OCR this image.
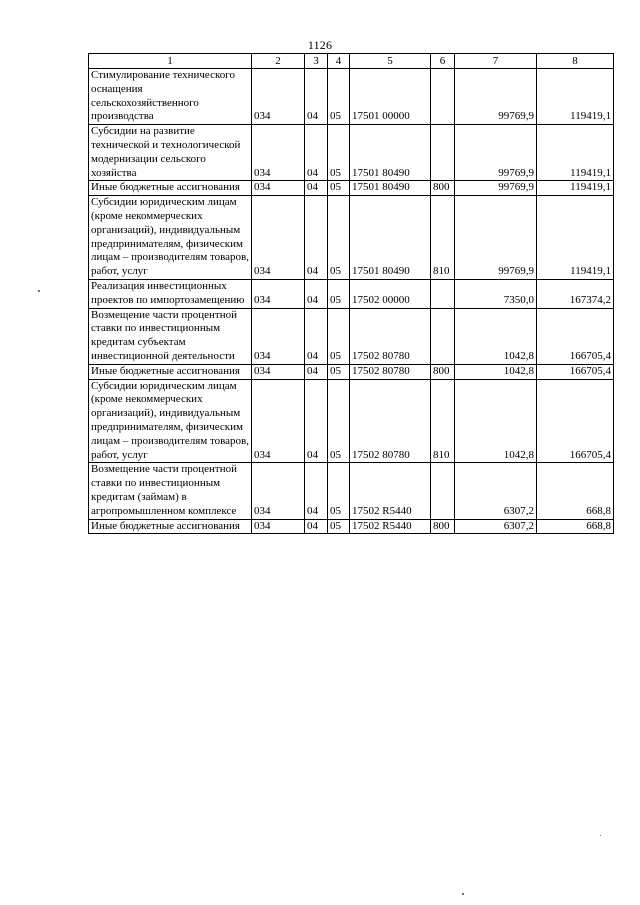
1126
1	2	3	4	5	6	7	8
Стимулирование технического оснащения сельскохозяйственного производства	034	04	05	17501 00000		99769,9	119419,1
Субсидии на развитие технической и технологической модернизации сельского хозяйства	034	04	05	17501 80490		99769,9	119419,1
Иные бюджетные ассигнования	034	04	05	17501 80490	800	99769,9	119419,1
Субсидии юридическим лицам (кроме некоммерческих организаций), индивидуальным предпринимателям, физическим лицам – производителям товаров, работ, услуг	034	04	05	17501 80490	810	99769,9	119419,1
Реализация инвестиционных проектов по импортозамещению	034	04	05	17502 00000		7350,0	167374,2
Возмещение части процентной ставки по инвестиционным кредитам субъектам инвестиционной деятельности	034	04	05	17502 80780		1042,8	166705,4
Иные бюджетные ассигнования	034	04	05	17502 80780	800	1042,8	166705,4
Субсидии юридическим лицам (кроме некоммерческих организаций), индивидуальным предпринимателям, физическим лицам – производителям товаров, работ, услуг	034	04	05	17502 80780	810	1042,8	166705,4
Возмещение части процентной ставки по инвестиционным кредитам (займам) в агропромышленном комплексе	034	04	05	17502 R5440		6307,2	668,8
Иные бюджетные ассигнования	034	04	05	17502 R5440	800	6307,2	668,8
